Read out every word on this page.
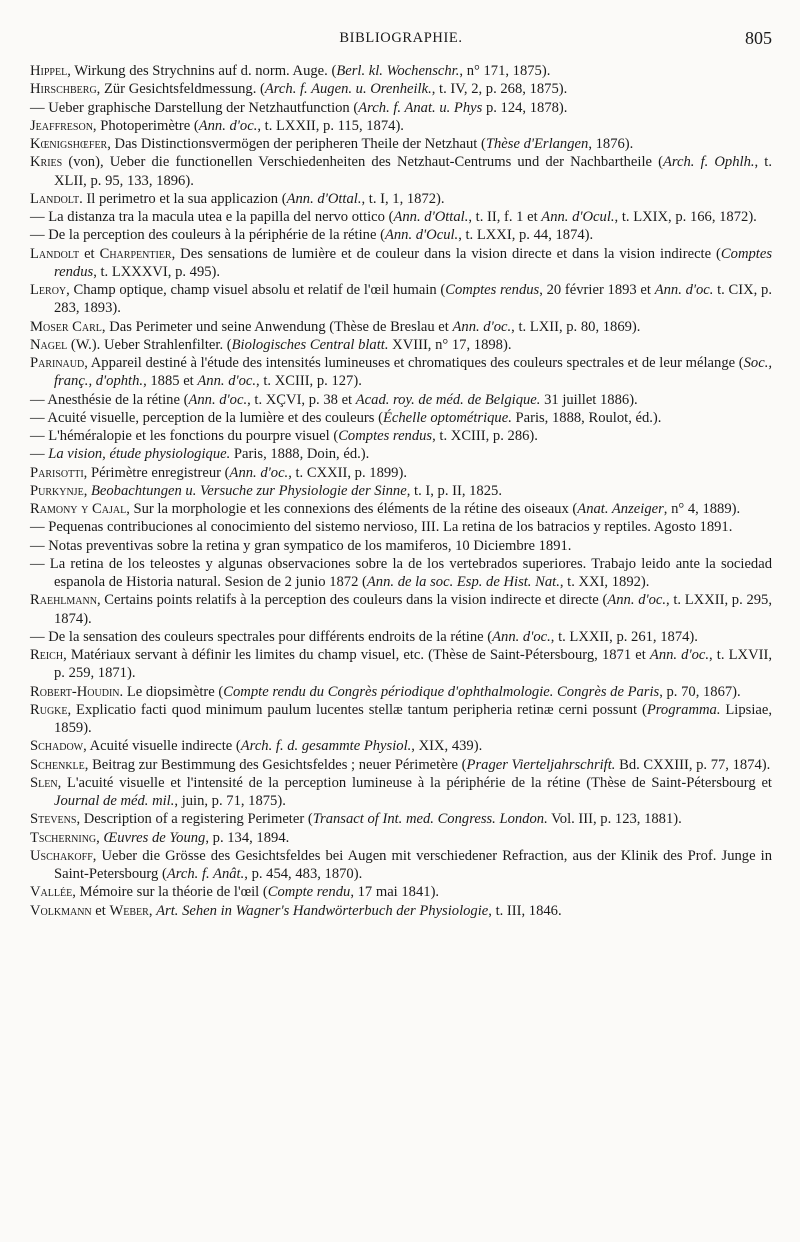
BIBLIOGRAPHIE.	805
Hippel, Wirkung des Strychnins auf d. norm. Auge. (Berl. kl. Wochenschr., n° 171, 1875).
Hirschberg, Zür Gesichtsfeldmessung. (Arch. f. Augen. u. Orenheilk., t. IV, 2, p. 268, 1875).
— Ueber graphische Darstellung der Netzhautfunction (Arch. f. Anat. u. Phys p. 124, 1878).
Jeaffreson, Photoperimètre (Ann. d'oc., t. LXXII, p. 115, 1874).
Kœnigshœfer, Das Distinctionsvermögen der peripheren Theile der Netzhaut (Thèse d'Erlangen, 1876).
Kries (von), Ueber die functionellen Verschiedenheiten des Netzhaut-Centrums und der Nachbartheile (Arch. f. Ophlh., t. XLII, p. 95, 133, 1896).
Landolt. Il perimetro et la sua applicazion (Ann. d'Ottal., t. I, 1, 1872).
— La distanza tra la macula utea e la papilla del nervo ottico (Ann. d'Ottal., t. II, f. 1 et Ann. d'Ocul., t. LXIX, p. 166, 1872).
— De la perception des couleurs à la périphérie de la rétine (Ann. d'Ocul., t. LXXI, p. 44, 1874).
Landolt et Charpentier, Des sensations de lumière et de couleur dans la vision directe et dans la vision indirecte (Comptes rendus, t. LXXXVI, p. 495).
Leroy, Champ optique, champ visuel absolu et relatif de l'œil humain (Comptes rendus, 20 février 1893 et Ann. d'oc. t. CIX, p. 283, 1893).
Moser Carl, Das Perimeter und seine Anwendung (Thèse de Breslau et Ann. d'oc., t. LXII, p. 80, 1869).
Nagel (W.). Ueber Strahlenfilter. (Biologisches Central blatt. XVIII, n° 17, 1898).
Parinaud, Appareil destiné à l'étude des intensités lumineuses et chromatiques des couleurs spectrales et de leur mélange (Soc., franç., d'ophth., 1885 et Ann. d'oc., t. XCIII, p. 127).
— Anesthésie de la rétine (Ann. d'oc., t. XÇVI, p. 38 et Acad. roy. de méd. de Belgique. 31 juillet 1886).
— Acuité visuelle, perception de la lumière et des couleurs (Échelle optométrique. Paris, 1888, Roulot, éd.).
— L'héméralopie et les fonctions du pourpre visuel (Comptes rendus, t. XCIII, p. 286).
— La vision, étude physiologique. Paris, 1888, Doin, éd.).
Parisotti, Périmètre enregistreur (Ann. d'oc., t. CXXII, p. 1899).
Purkynje, Beobachtungen u. Versuche zur Physiologie der Sinne, t. I, p. II, 1825.
Ramony y Cajal, Sur la morphologie et les connexions des éléments de la rétine des oiseaux (Anat. Anzeiger, n° 4, 1889).
— Pequenas contribuciones al conocimiento del sistemo nervioso, III. La retina de los batracios y reptiles. Agosto 1891.
— Notas preventivas sobre la retina y gran sympatico de los mamiferos, 10 Diciembre 1891.
— La retina de los teleostes y algunas observaciones sobre la de los vertebrados superiores. Trabajo leido ante la sociedad espanola de Historia natural. Sesion de 2 junio 1872 (Ann. de la soc. Esp. de Hist. Nat., t. XXI, 1892).
Raehlmann, Certains points relatifs à la perception des couleurs dans la vision indirecte et directe (Ann. d'oc., t. LXXII, p. 295, 1874).
— De la sensation des couleurs spectrales pour différents endroits de la rétine (Ann. d'oc., t. LXXII, p. 261, 1874).
Reich, Matériaux servant à définir les limites du champ visuel, etc. (Thèse de Saint-Pétersbourg, 1871 et Ann. d'oc., t. LXVII, p. 259, 1871).
Robert-Houdin. Le diopsimètre (Compte rendu du Congrès périodique d'ophthalmologie. Congrès de Paris, p. 70, 1867).
Rugke, Explicatio facti quod minimum paulum lucentes stellæ tantum peripheria retinæ cerni possunt (Programma. Lipsiae, 1859).
Schadow, Acuité visuelle indirecte (Arch. f. d. gesammte Physiol., XIX, 439).
Schenkle, Beitrag zur Bestimmung des Gesichtsfeldes ; neuer Périmetère (Prager Vierteljahrschrift. Bd. CXXIII, p. 77, 1874).
Slen, L'acuité visuelle et l'intensité de la perception lumineuse à la périphérie de la rétine (Thèse de Saint-Pétersbourg et Journal de méd. mil., juin, p. 71, 1875).
Stevens, Description of a registering Perimeter (Transact of Int. med. Congress. London. Vol. III, p. 123, 1881).
Tscherning, Œuvres de Young, p. 134, 1894.
Uschakoff, Ueber die Grösse des Gesichtsfeldes bei Augen mit verschiedener Refraction, aus der Klinik des Prof. Junge in Saint-Petersbourg (Arch. f. Anât., p. 454, 483, 1870).
Vallée, Mémoire sur la théorie de l'œil (Compte rendu, 17 mai 1841).
Volkmann et Weber, Art. Sehen in Wagner's Handwörterbuch der Physiologie, t. III, 1846.
